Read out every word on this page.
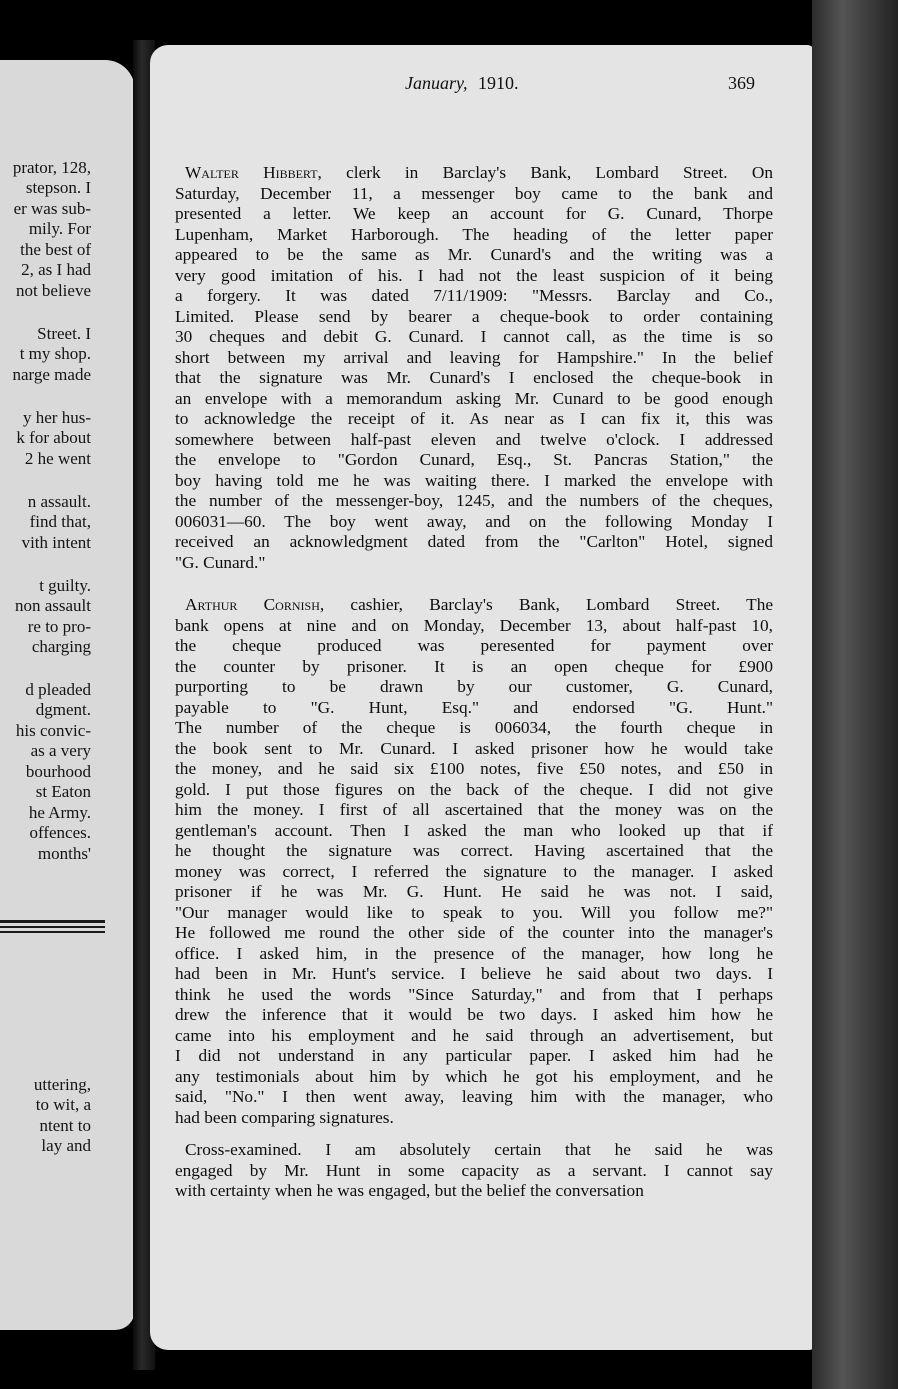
prator, 128,
stepson. I
er was sub-
mily. For
the best of
2, as I had
not believe
Street. I
t my shop.
narge made
y her hus-
k for about
2 he went
n assault.
find that,
vith intent
t guilty.
non assault
re to pro-
charging
d pleaded
dgment.
his convic-
as a very
bourhood
st Eaton
he Army.
offences.
months'
uttering,
to wit, a
ntent to
lay and
January, 1910.	369
Walter Hibbert, clerk in Barclay's Bank, Lombard Street. On
Saturday, December 11, a messenger boy came to the bank and
presented a letter. We keep an account for G. Cunard, Thorpe
Lupenham, Market Harborough. The heading of the letter paper
appeared to be the same as Mr. Cunard's and the writing was a
very good imitation of his. I had not the least suspicion of it being
a forgery. It was dated 7/11/1909: "Messrs. Barclay and Co.,
Limited. Please send by bearer a cheque-book to order containing
30 cheques and debit G. Cunard. I cannot call, as the time is so
short between my arrival and leaving for Hampshire." In the belief
that the signature was Mr. Cunard's I enclosed the cheque-book in
an envelope with a memorandum asking Mr. Cunard to be good enough
to acknowledge the receipt of it. As near as I can fix it, this was
somewhere between half-past eleven and twelve o'clock. I addressed
the envelope to "Gordon Cunard, Esq., St. Pancras Station," the
boy having told me he was waiting there. I marked the envelope with
the number of the messenger-boy, 1245, and the numbers of the cheques,
006031—60. The boy went away, and on the following Monday I
received an acknowledgment dated from the "Carlton" Hotel, signed
"G. Cunard."
Arthur Cornish, cashier, Barclay's Bank, Lombard Street. The
bank opens at nine and on Monday, December 13, about half-past 10,
the cheque produced was peresented for payment over
the counter by prisoner. It is an open cheque for £900
purporting to be drawn by our customer, G. Cunard,
payable to "G. Hunt, Esq." and endorsed "G. Hunt."
The number of the cheque is 006034, the fourth cheque in
the book sent to Mr. Cunard. I asked prisoner how he would take
the money, and he said six £100 notes, five £50 notes, and £50 in
gold. I put those figures on the back of the cheque. I did not give
him the money. I first of all ascertained that the money was on the
gentleman's account. Then I asked the man who looked up that if
he thought the signature was correct. Having ascertained that the
money was correct, I referred the signature to the manager. I asked
prisoner if he was Mr. G. Hunt. He said he was not. I said,
"Our manager would like to speak to you. Will you follow me?"
He followed me round the other side of the counter into the manager's
office. I asked him, in the presence of the manager, how long he
had been in Mr. Hunt's service. I believe he said about two days. I
think he used the words "Since Saturday," and from that I perhaps
drew the inference that it would be two days. I asked him how he
came into his employment and he said through an advertisement, but
I did not understand in any particular paper. I asked him had he
any testimonials about him by which he got his employment, and he
said, "No." I then went away, leaving him with the manager, who
had been comparing signatures.
Cross-examined. I am absolutely certain that he said he was
engaged by Mr. Hunt in some capacity as a servant. I cannot say
with certainty when he was engaged, but the belief the conversation
